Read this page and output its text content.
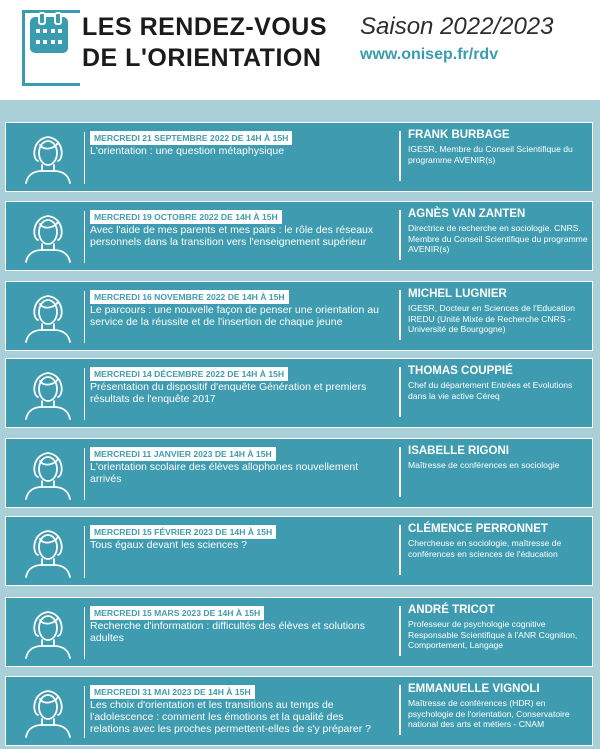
LES RENDEZ-VOUS
DE L'ORIENTATION
Saison 2022/2023
www.onisep.fr/rdv
MERCREDI 21 SEPTEMBRE 2022 DE 14H À 15H
L'orientation : une question métaphysique
FRANK BURBAGE
IGESR, Membre du Conseil Scientifique du programme AVENIR(s)
MERCREDI 19 OCTOBRE 2022 DE 14H À 15H
Avec l'aide de mes parents et mes pairs : le rôle des réseaux personnels dans la transition vers l'enseignement supérieur
AGNÈS VAN ZANTEN
Directrice de recherche en sociologie. CNRS. Membre du Conseil Scientifique du programme AVENIR(s)
MERCREDI 16 NOVEMBRE 2022 DE 14H À 15H
Le parcours : une nouvelle façon de penser une orientation au service de la réussite et de l'insertion de chaque jeune
MICHEL LUGNIER
IGESR, Docteur en Sciences de l'Education IREDU (Unité Mixte de Recherche CNRS - Université de Bourgogne)
MERCREDI 14 DÉCEMBRE 2022 DE 14H À 15H
Présentation du dispositif d'enquête Génération et premiers résultats de l'enquête 2017
THOMAS COUPPIÉ
Chef du département Entrées et Evolutions dans la vie active Céreq
MERCREDI 11 JANVIER 2023 DE 14H À 15H
L'orientation scolaire des élèves allophones nouvellement arrivés
ISABELLE RIGONI
Maîtresse de conférences en sociologie
MERCREDI 15 FÉVRIER 2023 DE 14H À 15H
Tous égaux devant les sciences ?
CLÉMENCE PERRONNET
Chercheuse en sociologie, maîtresse de conférences en sciences de l'éducation
MERCREDI 15 MARS 2023 DE 14H À 15H
Recherche d'information : difficultés des élèves et solutions adultes
ANDRÉ TRICOT
Professeur de psychologie cognitive Responsable Scientifique à l'ANR Cognition, Comportement, Langage
MERCREDI 31 MAI 2023 DE 14H À 15H
Les choix d'orientation et les transitions au temps de l'adolescence : comment les émotions et la qualité des relations avec les proches permettent-elles de s'y préparer ?
EMMANUELLE VIGNOLI
Maîtresse de conférences (HDR) en psychologie de l'orientation, Conservatoire national des arts et métiers - CNAM
